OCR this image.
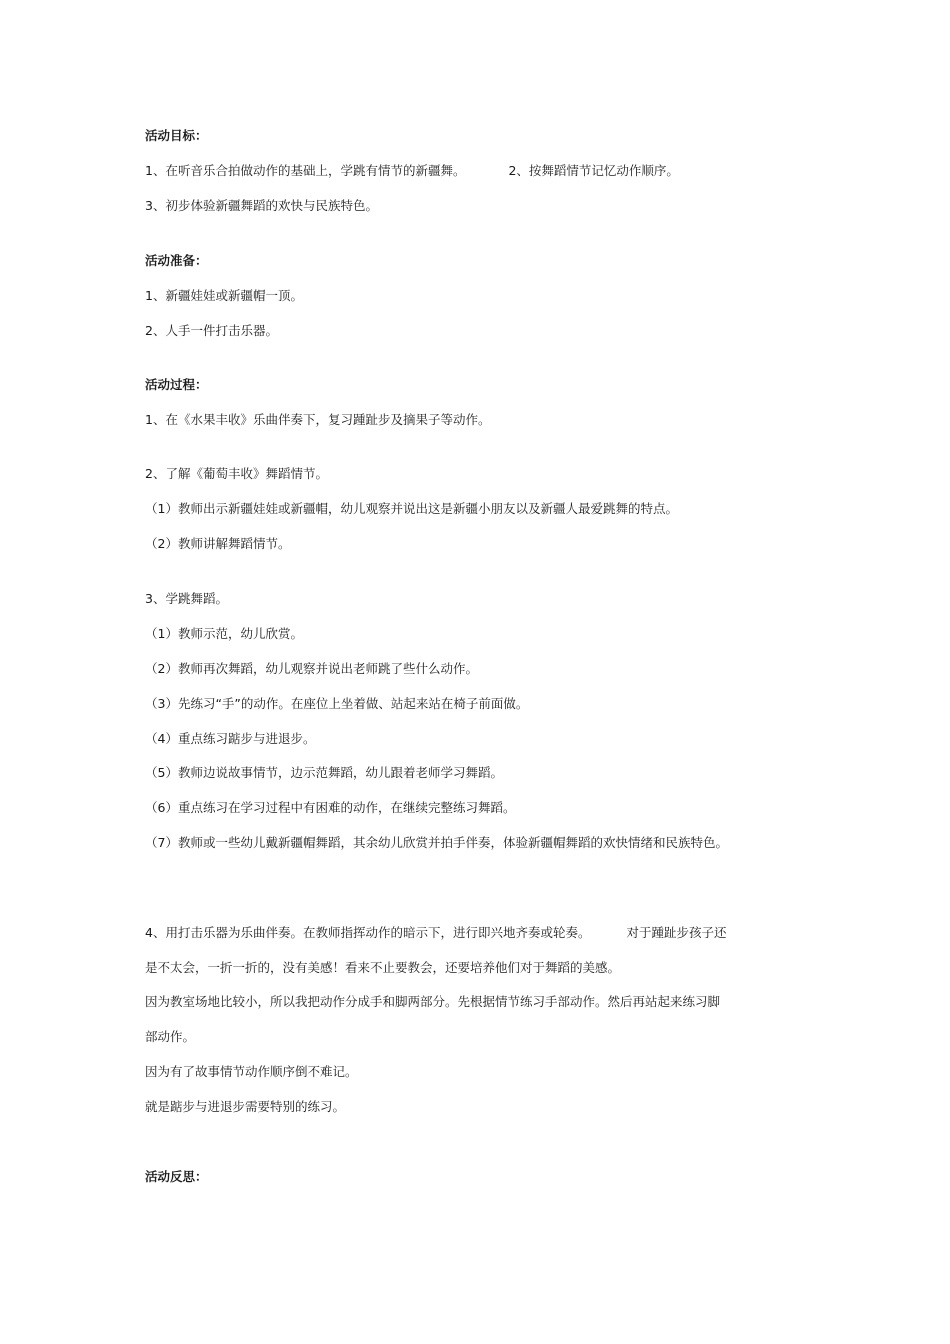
活动目标：
1、在听音乐合拍做动作的基础上，学跳有情节的新疆舞。	2、按舞蹈情节记忆动作顺序。
3、初步体验新疆舞蹈的欢快与民族特色。
活动准备：
1、新疆娃娃或新疆帽一顶。
2、人手一件打击乐器。
活动过程：
1、在《水果丰收》乐曲伴奏下，复习踵趾步及摘果子等动作。
2、了解《葡萄丰收》舞蹈情节。
（1）教师出示新疆娃娃或新疆帽，幼儿观察并说出这是新疆小朋友以及新疆人最爱跳舞的特点。
（2）教师讲解舞蹈情节。
3、学跳舞蹈。
（1）教师示范，幼儿欣赏。
（2）教师再次舞蹈，幼儿观察并说出老师跳了些什么动作。
（3）先练习“手”的动作。在座位上坐着做、站起来站在椅子前面做。
（4）重点练习踮步与进退步。
（5）教师边说故事情节，边示范舞蹈，幼儿跟着老师学习舞蹈。
（6）重点练习在学习过程中有困难的动作，在继续完整练习舞蹈。
（7）教师或一些幼儿戴新疆帽舞蹈，其余幼儿欣赏并拍手伴奏，体验新疆帽舞蹈的欢快情绪和民族特色。
4、用打击乐器为乐曲伴奏。在教师指挥动作的暗示下，进行即兴地齐奏或轮奏。	对于踵趾步孩子还
是不太会，一折一折的，没有美感！看来不止要教会，还要培养他们对于舞蹈的美感。
因为教室场地比较小，所以我把动作分成手和脚两部分。先根据情节练习手部动作。然后再站起来练习脚
部动作。
因为有了故事情节动作顺序倒不难记。
就是踮步与进退步需要特别的练习。
活动反思：
